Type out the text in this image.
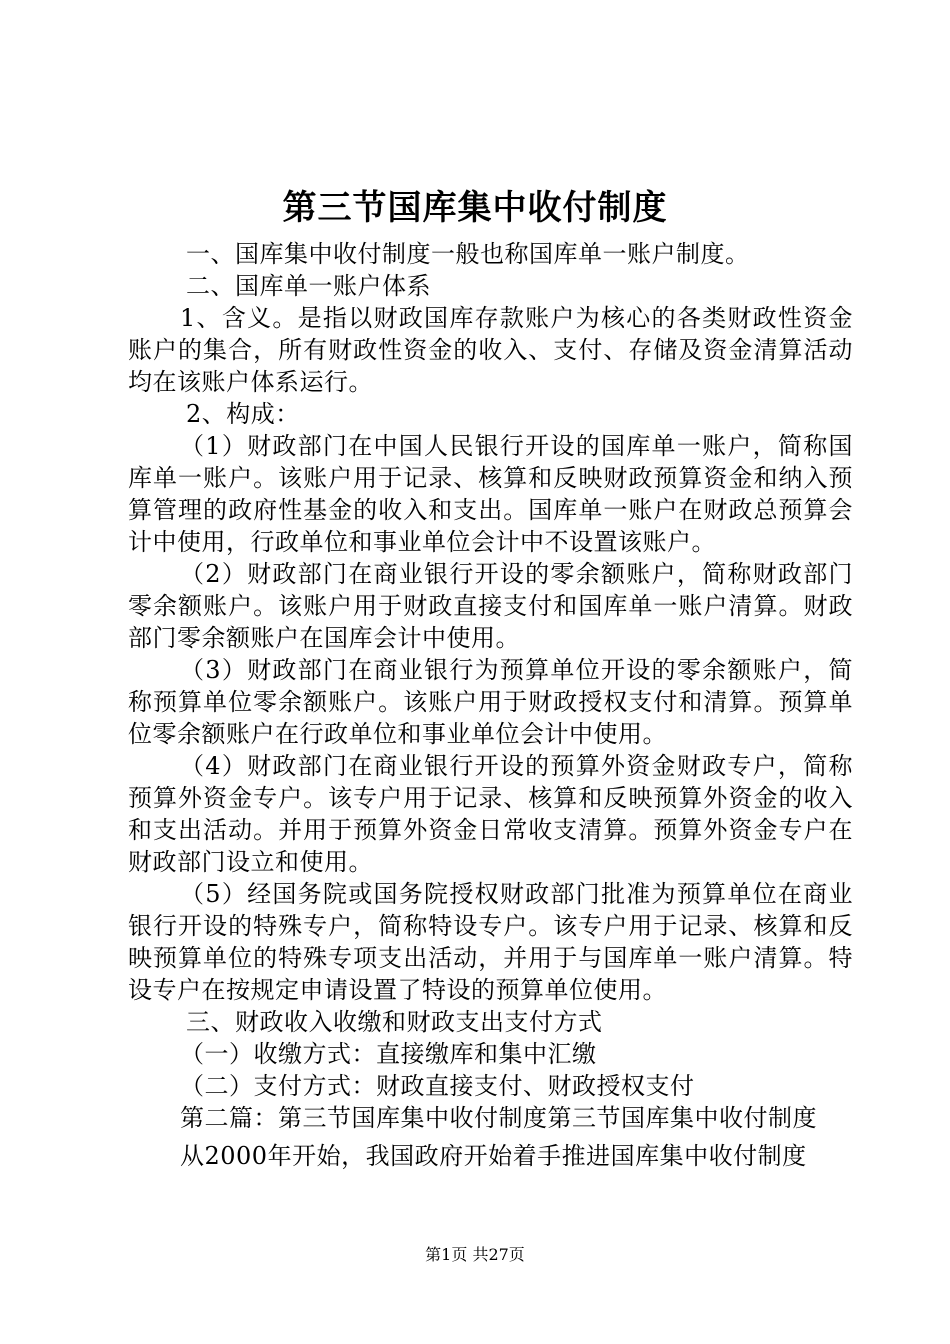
第三节国库集中收付制度

一、国库集中收付制度一般也称国库单一账户制度。

二、国库单一账户体系

1、含义。是指以财政国库存款账户为核心的各类财政性资金账户的集合，所有财政性资金的收入、支付、存储及资金清算活动均在该账户体系运行。

2、构成：

（1）财政部门在中国人民银行开设的国库单一账户，简称国库单一账户。该账户用于记录、核算和反映财政预算资金和纳入预算管理的政府性基金的收入和支出。国库单一账户在财政总预算会计中使用，行政单位和事业单位会计中不设置该账户。

（2）财政部门在商业银行开设的零余额账户，简称财政部门零余额账户。该账户用于财政直接支付和国库单一账户清算。财政部门零余额账户在国库会计中使用。

（3）财政部门在商业银行为预算单位开设的零余额账户，简称预算单位零余额账户。该账户用于财政授权支付和清算。预算单位零余额账户在行政单位和事业单位会计中使用。

（4）财政部门在商业银行开设的预算外资金财政专户，简称预算外资金专户。该专户用于记录、核算和反映预算外资金的收入和支出活动。并用于预算外资金日常收支清算。预算外资金专户在财政部门设立和使用。

（5）经国务院或国务院授权财政部门批准为预算单位在商业银行开设的特殊专户，简称特设专户。该专户用于记录、核算和反映预算单位的特殊专项支出活动，并用于与国库单一账户清算。特设专户在按规定申请设置了特设的预算单位使用。

三、财政收入收缴和财政支出支付方式

（一）收缴方式：直接缴库和集中汇缴

（二）支付方式：财政直接支付、财政授权支付

第二篇：第三节国库集中收付制度第三节国库集中收付制度

从2000年开始，我国政府开始着手推进国库集中收付制度

第1页 共27页
